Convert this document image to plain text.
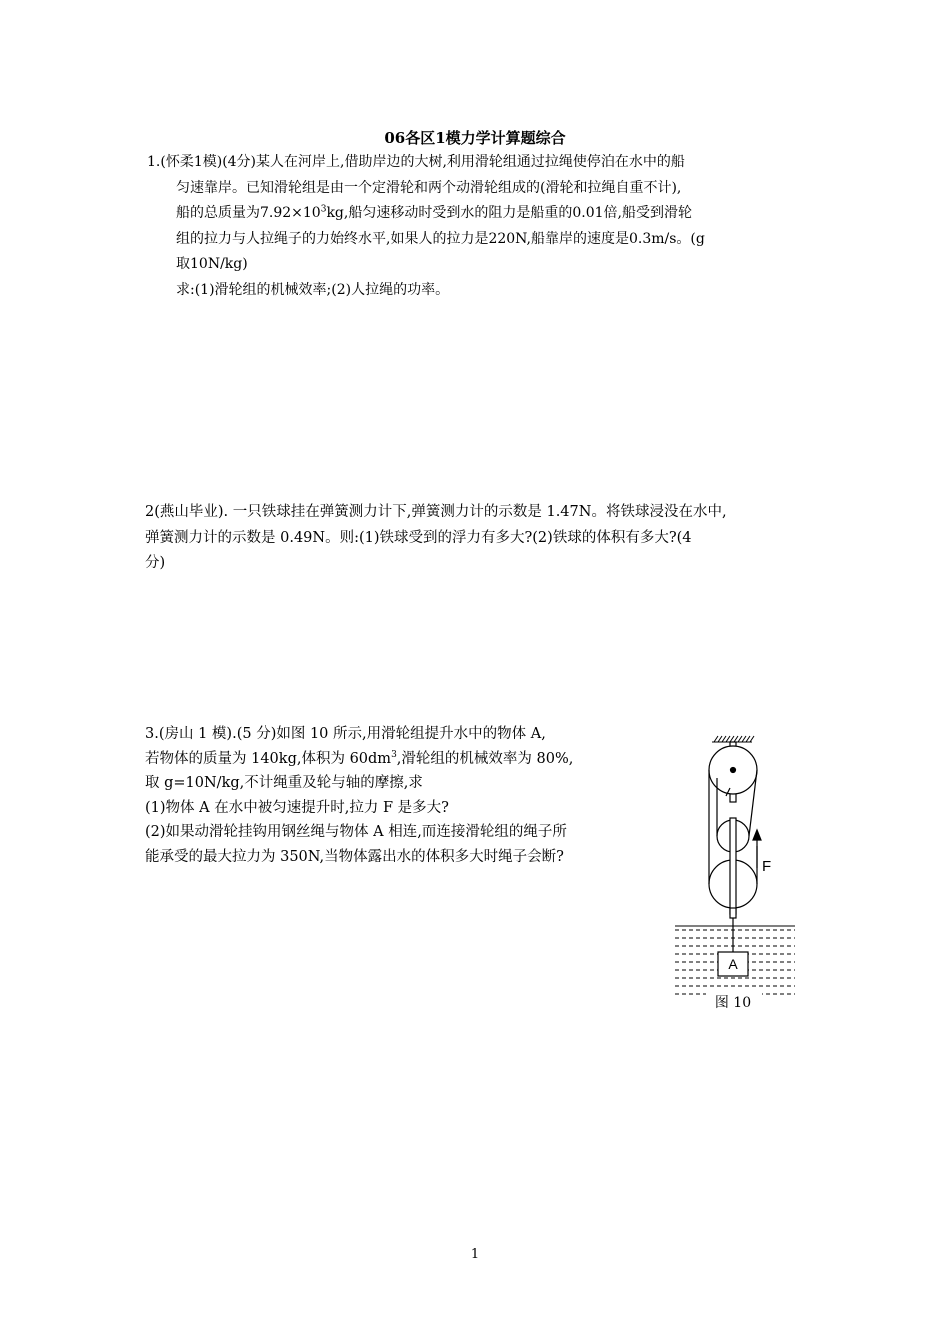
06各区1模力学计算题综合
1.(怀柔1模)(4分)某人在河岸上,借助岸边的大树,利用滑轮组通过拉绳使停泊在水中的船
匀速靠岸。已知滑轮组是由一个定滑轮和两个动滑轮组成的(滑轮和拉绳自重不计),
船的总质量为$7.92\times 10^3kg$,船匀速移动时受到水的阻力是船重的0.01倍,船受到滑轮
组的拉力与人拉绳子的力始终水平,如果人的拉力是220N,船靠岸的速度是0.3m/s。(g
取10N/kg)
求:(1)滑轮组的机械效率;(2)人拉绳的功率。
2(燕山毕业). 一只铁球挂在弹簧测力计下,弹簧测力计的示数是 1.47N。将铁球浸没在水中,
弹簧测力计的示数是 0.49N。则:(1)铁球受到的浮力有多大?(2)铁球的体积有多大?(4
分)
3.(房山 1 模).(5 分)如图 10 所示,用滑轮组提升水中的物体 A,
若物体的质量为 140kg,体积为 $60dm^3$,滑轮组的机械效率为 80%,
取 g=10N/kg,不计绳重及轮与轴的摩擦,求
(1)物体 A 在水中被匀速提升时,拉力 F 是多大?
(2)如果动滑轮挂钩用钢丝绳与物体 A 相连,而连接滑轮组的绳子所
能承受的最大拉力为 350N,当物体露出水的体积多大时绳子会断?
F
A
图 10
1
